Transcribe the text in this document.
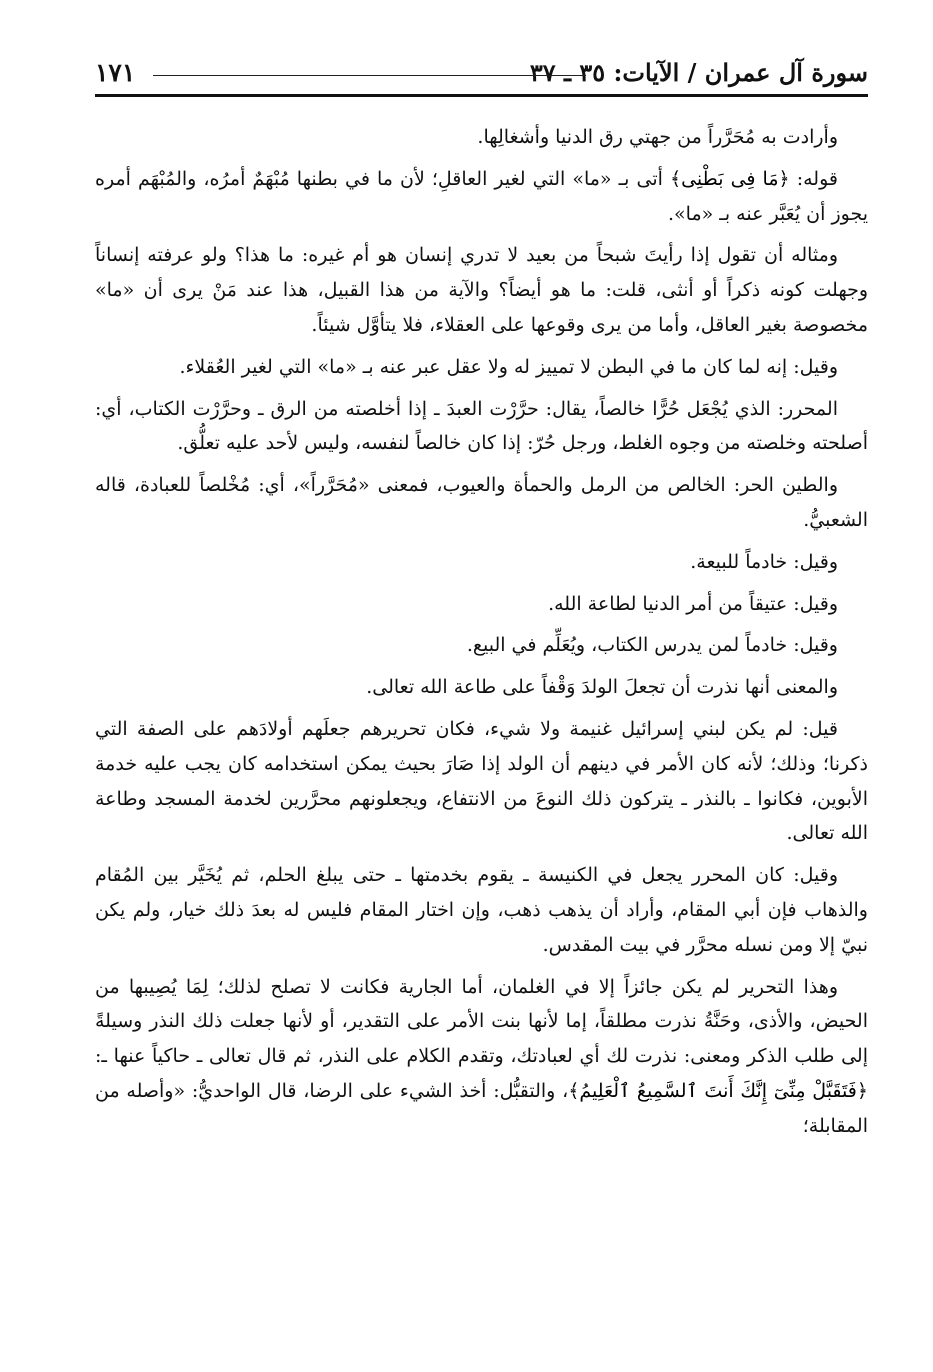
سورة آل عمران / الآيات: ٣٥ ـ ٣٧
١٧١

وأرادت به مُحَرَّراً من جهتي رق الدنيا وأشغالِها.

قوله: ﴿مَا فِى بَطْنِى﴾ أتى بـ «ما» التي لغير العاقلِ؛ لأن ما في بطنها مُبْهَمٌ أمرُه، والمُبْهَم أمره يجوز أن يُعَبَّر عنه بـ «ما».

ومثاله أن تقول إذا رأيتَ شبحاً من بعيد لا تدري إنسان هو أم غيره: ما هذا؟ ولو عرفته إنساناً وجهلت كونه ذكراً أو أنثى، قلت: ما هو أيضاً؟ والآية من هذا القبيل، هذا عند مَنْ يرى أن «ما» مخصوصة بغير العاقل، وأما من يرى وقوعها على العقلاء، فلا يتأوَّل شيئاً.

وقيل: إنه لما كان ما في البطن لا تمييز له ولا عقل عبر عنه بـ «ما» التي لغير العُقلاء.

المحرر: الذي يُجْعَل حُرًّا خالصاً، يقال: حرَّرْت العبدَ ـ إذا أخلصته من الرق ـ وحرَّرْت الكتاب، أي: أصلحته وخلصته من وجوه الغلط، ورجل حُرّ: إذا كان خالصاً لنفسه، وليس لأحد عليه تعلُّق.

والطين الحر: الخالص من الرمل والحمأة والعيوب، فمعنى «مُحَرَّراً»، أي: مُخْلصاً للعبادة، قاله الشعبيُّ.

وقيل: خادماً للبيعة.

وقيل: عتيقاً من أمر الدنيا لطاعة الله.

وقيل: خادماً لمن يدرس الكتاب، ويُعَلِّم في البيع.

والمعنى أنها نذرت أن تجعلَ الولدَ وَقْفاً على طاعة الله تعالى.

قيل: لم يكن لبني إسرائيل غنيمة ولا شيء، فكان تحريرهم جعلَهم أولادَهم على الصفة التي ذكرنا؛ وذلك؛ لأنه كان الأمر في دينهم أن الولد إذا صَارَ بحيث يمكن استخدامه كان يجب عليه خدمة الأبوين، فكانوا ـ بالنذر ـ يتركون ذلك النوعَ من الانتفاع، ويجعلونهم محرَّرين لخدمة المسجد وطاعة الله تعالى.

وقيل: كان المحرر يجعل في الكنيسة ـ يقوم بخدمتها ـ حتى يبلغ الحلم، ثم يُخَيَّر بين المُقام والذهاب فإن أبي المقام، وأراد أن يذهب ذهب، وإن اختار المقام فليس له بعدَ ذلك خيار، ولم يكن نبيّ إلا ومن نسله محرَّر في بيت المقدس.

وهذا التحرير لم يكن جائزاً إلا في الغلمان، أما الجارية فكانت لا تصلح لذلك؛ لِمَا يُصِيبها من الحيض، والأذى، وحَنَّةُ نذرت مطلقاً، إما لأنها بنت الأمر على التقدير، أو لأنها جعلت ذلك النذر وسيلةً إلى طلب الذكر ومعنى: نذرت لك أي لعبادتك، وتقدم الكلام على النذر، ثم قال تعالى ـ حاكياً عنها ـ: ﴿فَتَقَبَّلْ مِنِّىٓ إِنَّكَ أَنتَ ٱلسَّمِيعُ ٱلْعَلِيمُ﴾، والتقبُّل: أخذ الشيء على الرضا، قال الواحديُّ: «وأصله من المقابلة؛
